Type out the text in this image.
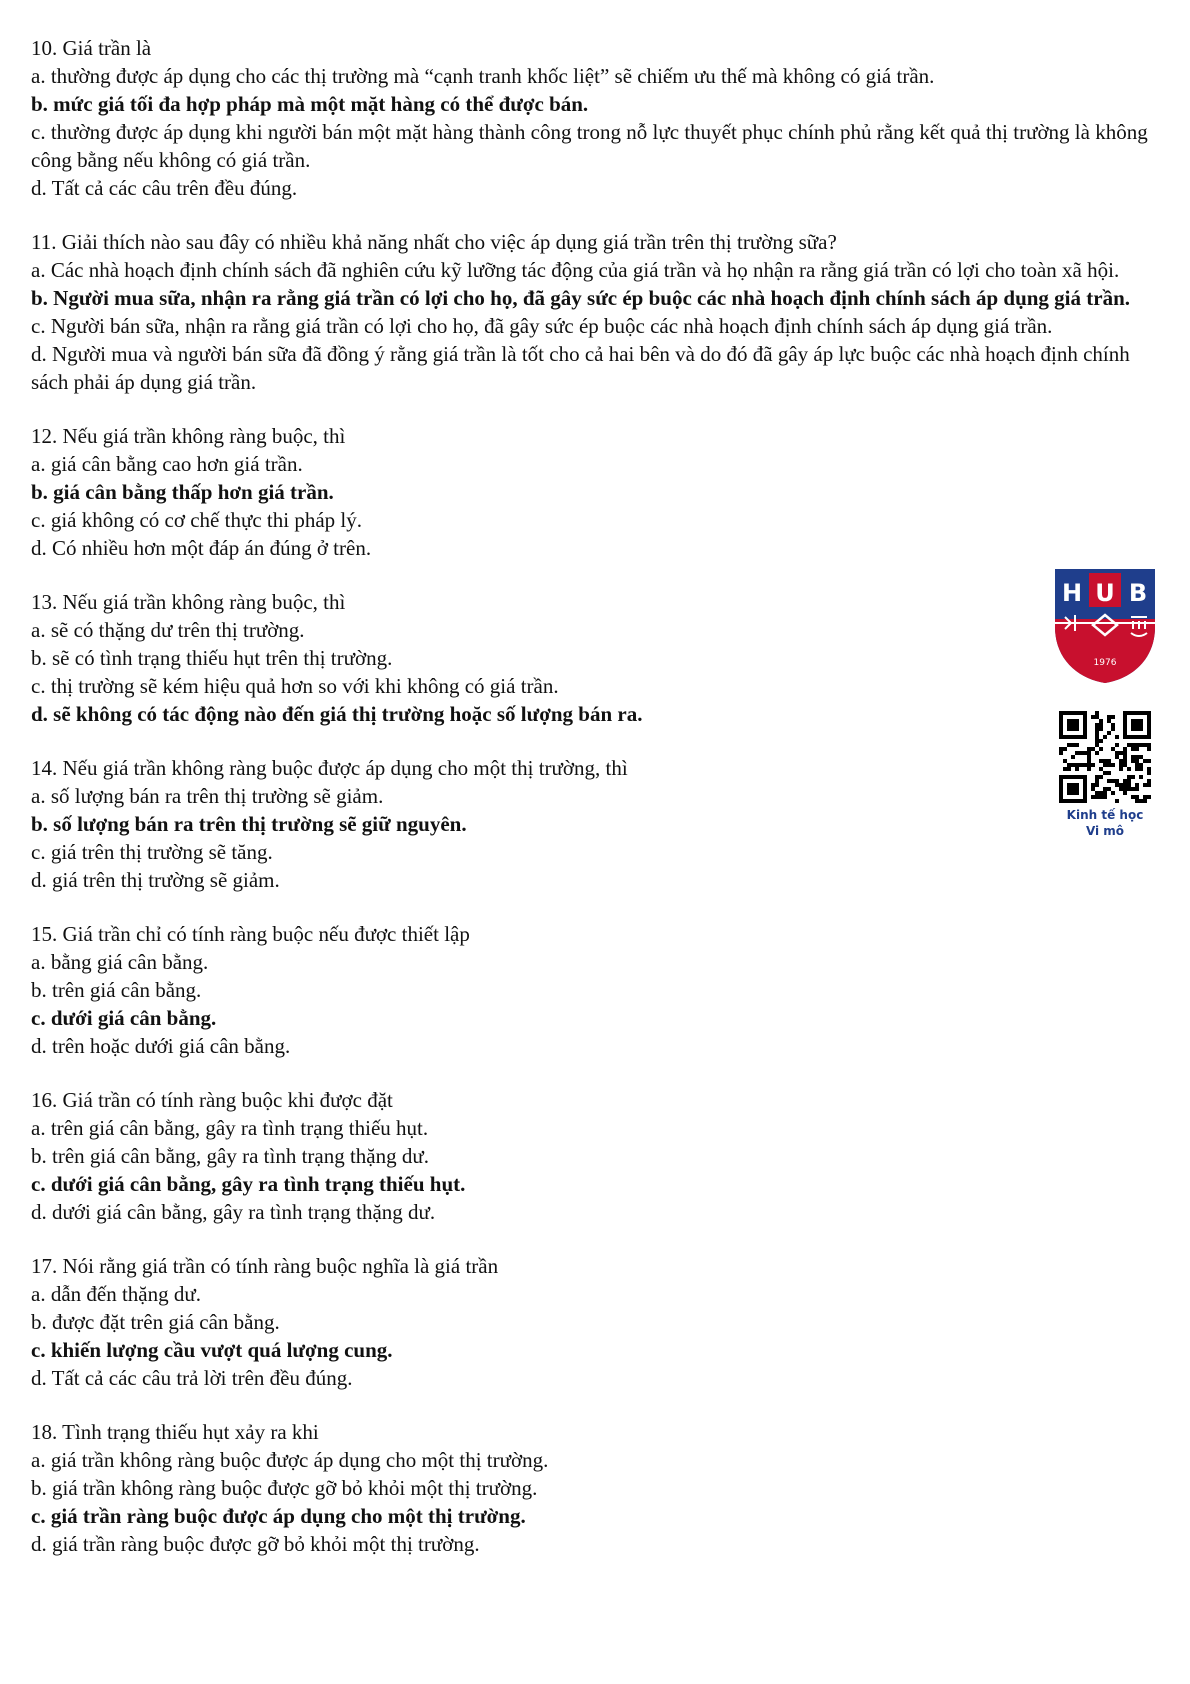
10. Giá trần là
a. thường được áp dụng cho các thị trường mà “cạnh tranh khốc liệt” sẽ chiếm ưu thế mà không có giá trần.
b. mức giá tối đa hợp pháp mà một mặt hàng có thể được bán.
c. thường được áp dụng khi người bán một mặt hàng thành công trong nỗ lực thuyết phục chính phủ rằng kết quả thị trường là không công bằng nếu không có giá trần.
d. Tất cả các câu trên đều đúng.
11. Giải thích nào sau đây có nhiều khả năng nhất cho việc áp dụng giá trần trên thị trường sữa?
a. Các nhà hoạch định chính sách đã nghiên cứu kỹ lưỡng tác động của giá trần và họ nhận ra rằng giá trần có lợi cho toàn xã hội.
b. Người mua sữa, nhận ra rằng giá trần có lợi cho họ, đã gây sức ép buộc các nhà hoạch định chính sách áp dụng giá trần.
c. Người bán sữa, nhận ra rằng giá trần có lợi cho họ, đã gây sức ép buộc các nhà hoạch định chính sách áp dụng giá trần.
d. Người mua và người bán sữa đã đồng ý rằng giá trần là tốt cho cả hai bên và do đó đã gây áp lực buộc các nhà hoạch định chính sách phải áp dụng giá trần.
12. Nếu giá trần không ràng buộc, thì
a. giá cân bằng cao hơn giá trần.
b. giá cân bằng thấp hơn giá trần.
c. giá không có cơ chế thực thi pháp lý.
d. Có nhiều hơn một đáp án đúng ở trên.
13. Nếu giá trần không ràng buộc, thì
a. sẽ có thặng dư trên thị trường.
b. sẽ có tình trạng thiếu hụt trên thị trường.
c. thị trường sẽ kém hiệu quả hơn so với khi không có giá trần.
d. sẽ không có tác động nào đến giá thị trường hoặc số lượng bán ra.
14. Nếu giá trần không ràng buộc được áp dụng cho một thị trường, thì
a. số lượng bán ra trên thị trường sẽ giảm.
b. số lượng bán ra trên thị trường sẽ giữ nguyên.
c. giá trên thị trường sẽ tăng.
d. giá trên thị trường sẽ giảm.
15. Giá trần chỉ có tính ràng buộc nếu được thiết lập
a. bằng giá cân bằng.
b. trên giá cân bằng.
c. dưới giá cân bằng.
d. trên hoặc dưới giá cân bằng.
16. Giá trần có tính ràng buộc khi được đặt
a. trên giá cân bằng, gây ra tình trạng thiếu hụt.
b. trên giá cân bằng, gây ra tình trạng thặng dư.
c. dưới giá cân bằng, gây ra tình trạng thiếu hụt.
d. dưới giá cân bằng, gây ra tình trạng thặng dư.
17. Nói rằng giá trần có tính ràng buộc nghĩa là giá trần
a. dẫn đến thặng dư.
b. được đặt trên giá cân bằng.
c. khiến lượng cầu vượt quá lượng cung.
d. Tất cả các câu trả lời trên đều đúng.
18. Tình trạng thiếu hụt xảy ra khi
a. giá trần không ràng buộc được áp dụng cho một thị trường.
b. giá trần không ràng buộc được gỡ bỏ khỏi một thị trường.
c. giá trần ràng buộc được áp dụng cho một thị trường.
d. giá trần ràng buộc được gỡ bỏ khỏi một thị trường.
H U B
1976
Kinh tế học
Vi mô
